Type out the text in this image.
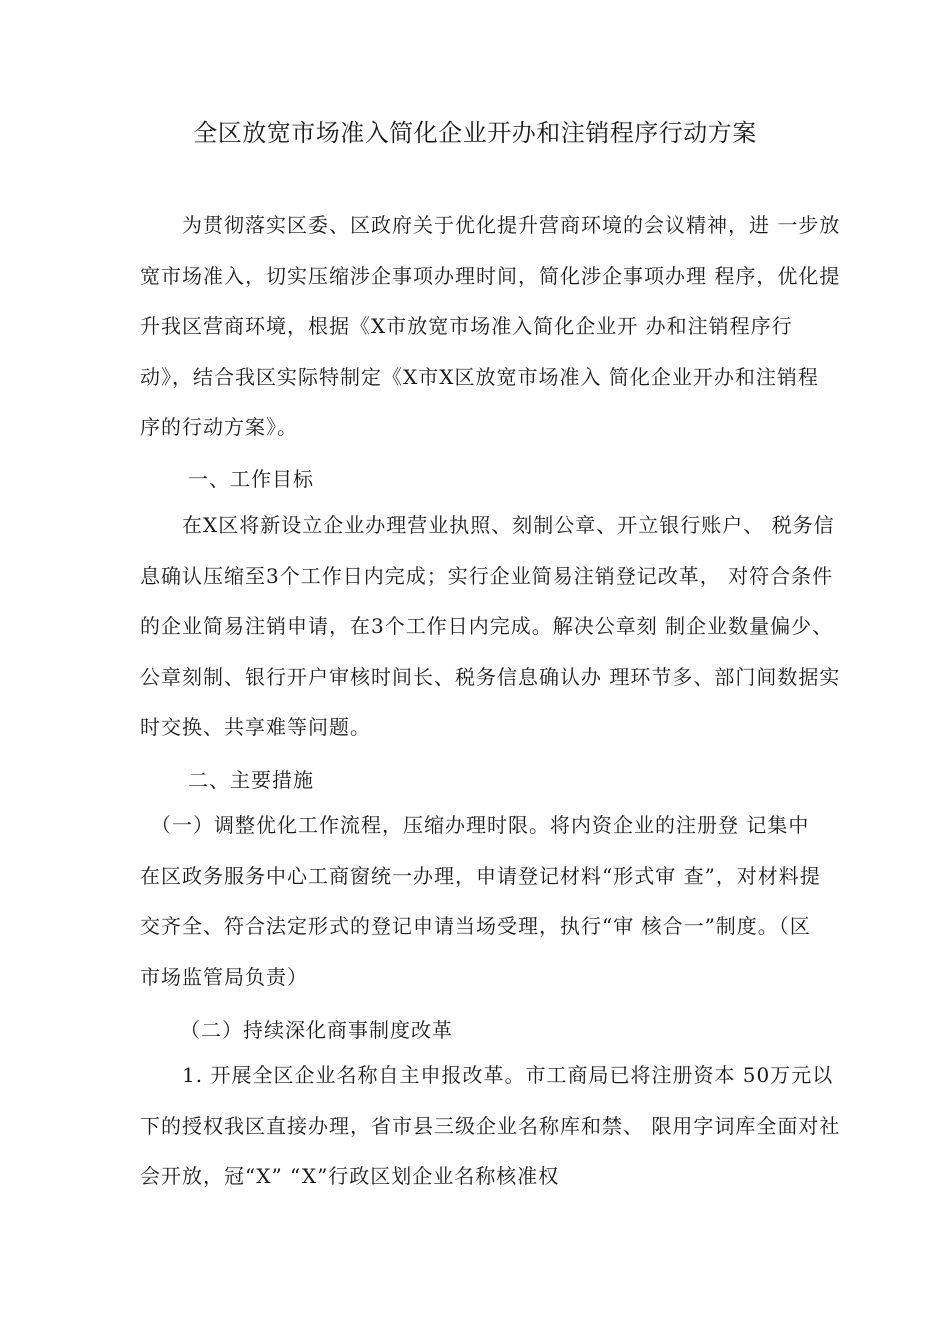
全区放宽市场准入简化企业开办和注销程序行动方案
　　为贯彻落实区委、区政府关于优化提升营商环境的会议精神，进 一步放
宽市场准入，切实压缩涉企事项办理时间，简化涉企事项办理 程序，优化提
升我区营商环境，根据《X市放宽市场准入简化企业开 办和注销程序行
动》，结合我区实际特制定《X市X区放宽市场准入 简化企业开办和注销程
序的行动方案》。
一、工作目标
　　在X区将新设立企业办理营业执照、刻制公章、开立银行账户、 税务信
息确认压缩至3个工作日内完成；实行企业简易注销登记改革， 对符合条件
的企业简易注销申请，在3个工作日内完成。解决公章刻 制企业数量偏少、
公章刻制、银行开户审核时间长、税务信息确认办 理环节多、部门间数据实
时交换、共享难等问题。
二、主要措施
　（一）调整优化工作流程，压缩办理时限。将内资企业的注册登 记集中
在区政务服务中心工商窗统一办理，申请登记材料“形式审 查”，对材料提
交齐全、符合法定形式的登记申请当场受理，执行“审 核合一”制度。（区
市场监管局负责）
（二）持续深化商事制度改革
　　1. 开展全区企业名称自主申报改革。市工商局已将注册资本 50万元以
下的授权我区直接办理，省市县三级企业名称库和禁、 限用字词库全面对社
会开放，冠“X” “X”行政区划企业名称核准权
